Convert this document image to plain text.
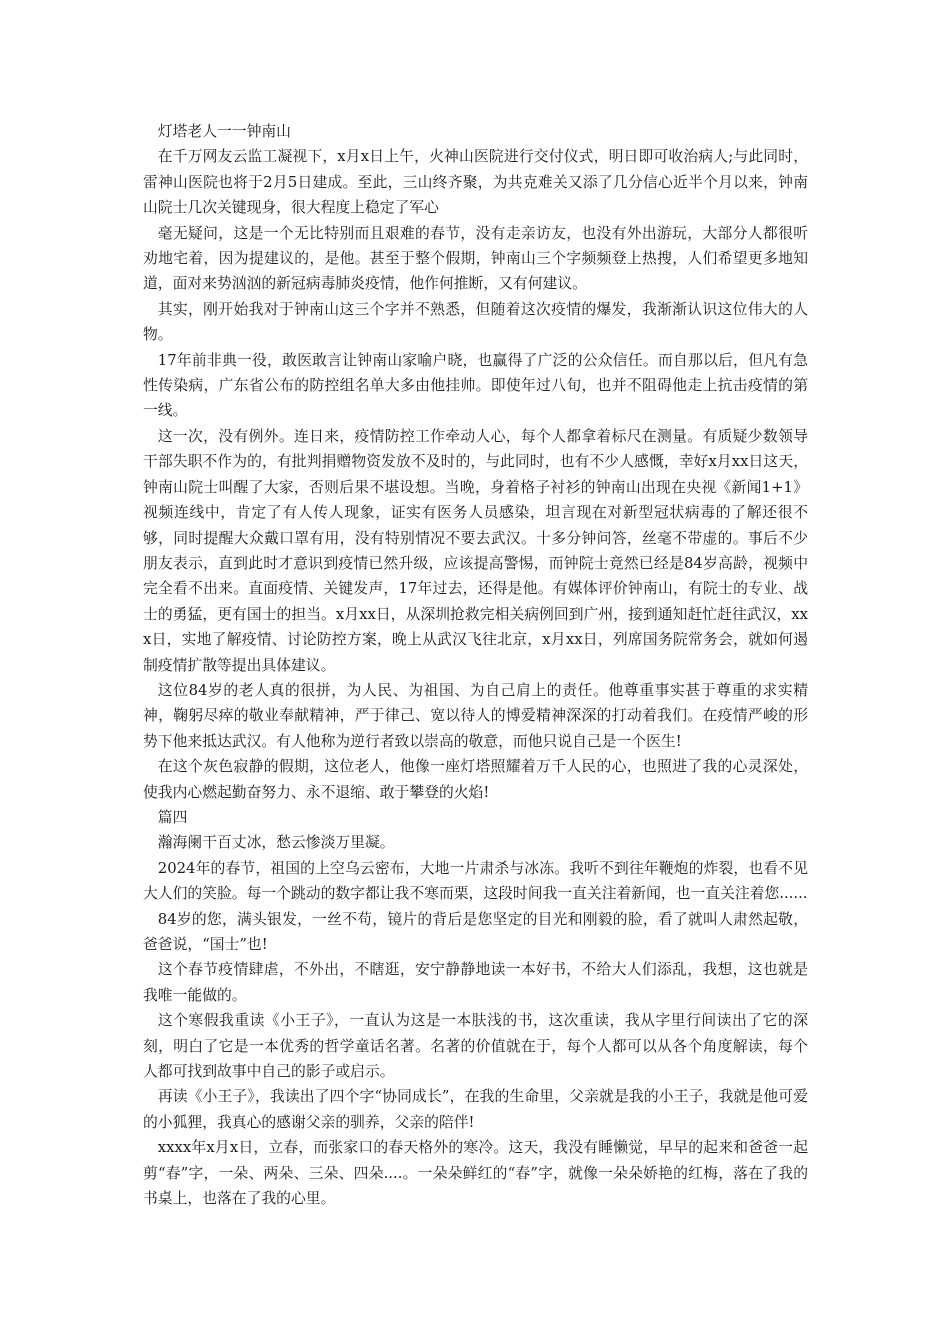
灯塔老人一一钟南山

在千万网友云监工凝视下，x月x日上午，火神山医院进行交付仪式，明日即可收治病人;与此同时，雷神山医院也将于2月5日建成。至此，三山终齐聚，为共克难关又添了几分信心近半个月以来，钟南山院士几次关键现身，很大程度上稳定了军心

毫无疑问，这是一个无比特别而且艰难的春节，没有走亲访友，也没有外出游玩，大部分人都很听劝地宅着，因为提建议的，是他。甚至于整个假期，钟南山三个字频频登上热搜，人们希望更多地知道，面对来势汹汹的新冠病毒肺炎疫情，他作何推断，又有何建议。

其实，刚开始我对于钟南山这三个字并不熟悉，但随着这次疫情的爆发，我渐渐认识这位伟大的人物。

17年前非典一役，敢医敢言让钟南山家喻户晓，也赢得了广泛的公众信任。而自那以后，但凡有急性传染病，广东省公布的防控组名单大多由他挂帅。即使年过八旬，也并不阻碍他走上抗击疫情的第一线。

这一次，没有例外。连日来，疫情防控工作牵动人心，每个人都拿着标尺在测量。有质疑少数领导干部失职不作为的，有批判捐赠物资发放不及时的，与此同时，也有不少人感慨，幸好x月xx日这天，钟南山院士叫醒了大家，否则后果不堪设想。当晚，身着格子衬衫的钟南山出现在央视《新闻1+1》视频连线中，肯定了有人传人现象，证实有医务人员感染，坦言现在对新型冠状病毒的了解还很不够，同时提醒大众戴口罩有用，没有特别情况不要去武汉。十多分钟问答，丝毫不带虚的。事后不少朋友表示，直到此时才意识到疫情已然升级，应该提高警惕，而钟院士竟然已经是84岁高龄，视频中完全看不出来。直面疫情、关键发声，17年过去，还得是他。有媒体评价钟南山，有院士的专业、战士的勇猛，更有国士的担当。x月xx日，从深圳抢救完相关病例回到广州，接到通知赶忙赶往武汉，xxx日，实地了解疫情、讨论防控方案，晚上从武汉飞往北京，x月xx日，列席国务院常务会，就如何遏制疫情扩散等提出具体建议。

这位84岁的老人真的很拼，为人民、为祖国、为自己肩上的责任。他尊重事实甚于尊重的求实精神，鞠躬尽瘁的敬业奉献精神，严于律己、宽以待人的博爱精神深深的打动着我们。在疫情严峻的形势下他来抵达武汉。有人他称为逆行者致以崇高的敬意，而他只说自己是一个医生!

在这个灰色寂静的假期，这位老人，他像一座灯塔照耀着万千人民的心，也照进了我的心灵深处，使我内心燃起勤奋努力、永不退缩、敢于攀登的火焰!

篇四

瀚海阑干百丈冰，愁云惨淡万里凝。

2024年的春节，祖国的上空乌云密布，大地一片肃杀与冰冻。我听不到往年鞭炮的炸裂，也看不见大人们的笑脸。每一个跳动的数字都让我不寒而栗，这段时间我一直关注着新闻，也一直关注着您......

84岁的您，满头银发，一丝不苟，镜片的背后是您坚定的目光和刚毅的脸，看了就叫人肃然起敬，爸爸说，“国士”也!

这个春节疫情肆虐，不外出，不瞎逛，安宁静静地读一本好书，不给大人们添乱，我想，这也就是我唯一能做的。

这个寒假我重读《小王子》，一直认为这是一本肤浅的书，这次重读，我从字里行间读出了它的深刻，明白了它是一本优秀的哲学童话名著。名著的价值就在于，每个人都可以从各个角度解读，每个人都可找到故事中自己的影子或启示。

再读《小王子》，我读出了四个字“协同成长”，在我的生命里，父亲就是我的小王子，我就是他可爱的小狐狸，我真心的感谢父亲的驯养，父亲的陪伴!

xxxx年x月x日，立春，而张家口的春天格外的寒冷。这天，我没有睡懒觉，早早的起来和爸爸一起剪“春”字，一朵、两朵、三朵、四朵....。一朵朵鲜红的“春”字，就像一朵朵娇艳的红梅，落在了我的书桌上，也落在了我的心里。
